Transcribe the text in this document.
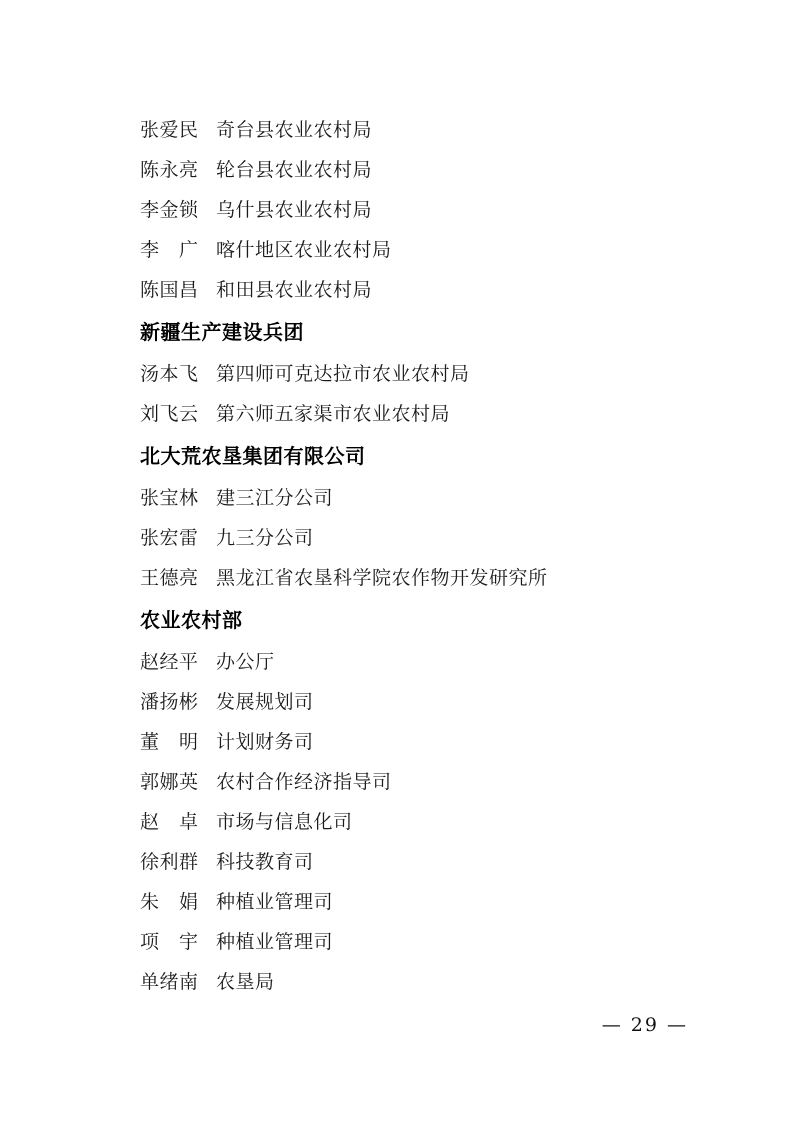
张爱民 奇台县农业农村局
陈永亮 轮台县农业农村局
李金锁 乌什县农业农村局
李　广 喀什地区农业农村局
陈国昌 和田县农业农村局
新疆生产建设兵团
汤本飞 第四师可克达拉市农业农村局
刘飞云 第六师五家渠市农业农村局
北大荒农垦集团有限公司
张宝林 建三江分公司
张宏雷 九三分公司
王德亮 黑龙江省农垦科学院农作物开发研究所
农业农村部
赵经平 办公厅
潘扬彬 发展规划司
董　明 计划财务司
郭娜英 农村合作经济指导司
赵　卓 市场与信息化司
徐利群 科技教育司
朱　娟 种植业管理司
项　宇 种植业管理司
单绪南 农垦局
— 29 —
